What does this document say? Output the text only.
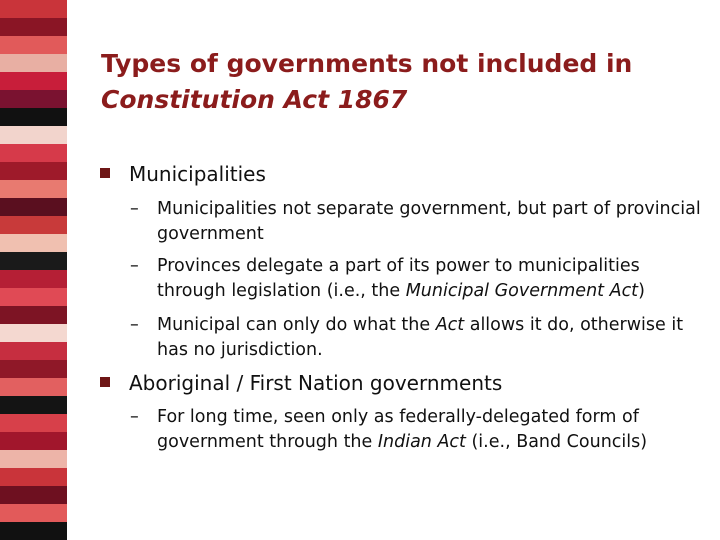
Types of governments not included in
Constitution Act 1867
Municipalities
–	Municipalities not separate government, but part of provincial government
–	Provinces delegate a part of its power to municipalities through legislation (i.e., the Municipal Government Act)
–	Municipal can only do what the Act allows it do, otherwise it has no jurisdiction.
Aboriginal / First Nation governments
–	For long time, seen only as federally-delegated form of government through the Indian Act (i.e., Band Councils)
